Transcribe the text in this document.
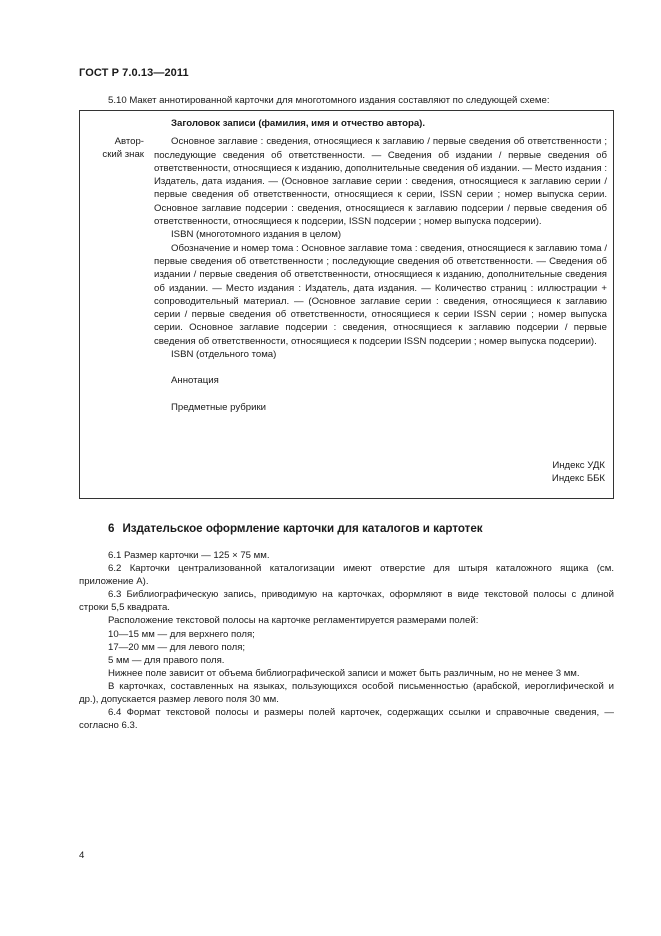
ГОСТ Р 7.0.13—2011
5.10 Макет аннотированной карточки для многотомного издания составляют по следующей схеме:
Автор-
ский знак
Заголовок записи (фамилия, имя и отчество автора).

Основное заглавие : сведения, относящиеся к заглавию / первые сведения об ответственности ; последующие сведения об ответственности. — Сведения об издании / первые сведения об ответственности, относящиеся к изданию, дополнительные сведения об издании. — Место издания : Издатель, дата издания. — (Основное заглавие серии : сведения, относящиеся к заглавию серии / первые сведения об ответственности, относящиеся к серии, ISSN серии ; номер выпуска серии. Основное заглавие подсерии : сведения, относящиеся к заглавию подсерии / первые сведения об ответственности, относящиеся к подсерии, ISSN подсерии ; номер выпуска подсерии).

ISBN (многотомного издания в целом)

Обозначение и номер тома : Основное заглавие тома : сведения, относящиеся к заглавию тома / первые сведения об ответственности ; последующие сведения об ответственности. — Сведения об издании / первые сведения об ответственности, относящиеся к изданию, дополнительные сведения об издании. — Место издания : Издатель, дата издания. — Количество страниц : иллюстрации + сопроводительный материал. — (Основное заглавие серии : сведения, относящиеся к заглавию серии / первые сведения об ответственности, относящиеся к серии ISSN серии ; номер выпуска серии. Основное заглавие подсерии : сведения, относящиеся к заглавию подсерии / первые сведения об ответственности, относящиеся к подсерии ISSN подсерии ; номер выпуска подсерии).

ISBN (отдельного тома)

Аннотация

Предметные рубрики

Индекс УДК
Индекс ББК
6 Издательское оформление карточки для каталогов и картотек

6.1 Размер карточки — 125 × 75 мм.

6.2 Карточки централизованной каталогизации имеют отверстие для штыря каталожного ящика (см. приложение А).

6.3 Библиографическую запись, приводимую на карточках, оформляют в виде текстовой полосы с длиной строки 5,5 квадрата.

Расположение текстовой полосы на карточке регламентируется размерами полей:

10—15 мм — для верхнего поля;

17—20 мм — для левого поля;

5 мм — для правого поля.

Нижнее поле зависит от объема библиографической записи и может быть различным, но не менее 3 мм.

В карточках, составленных на языках, пользующихся особой письменностью (арабской, иероглифической и др.), допускается размер левого поля 30 мм.

6.4 Формат текстовой полосы и размеры полей карточек, содержащих ссылки и справочные сведения, — согласно 6.3.

4
